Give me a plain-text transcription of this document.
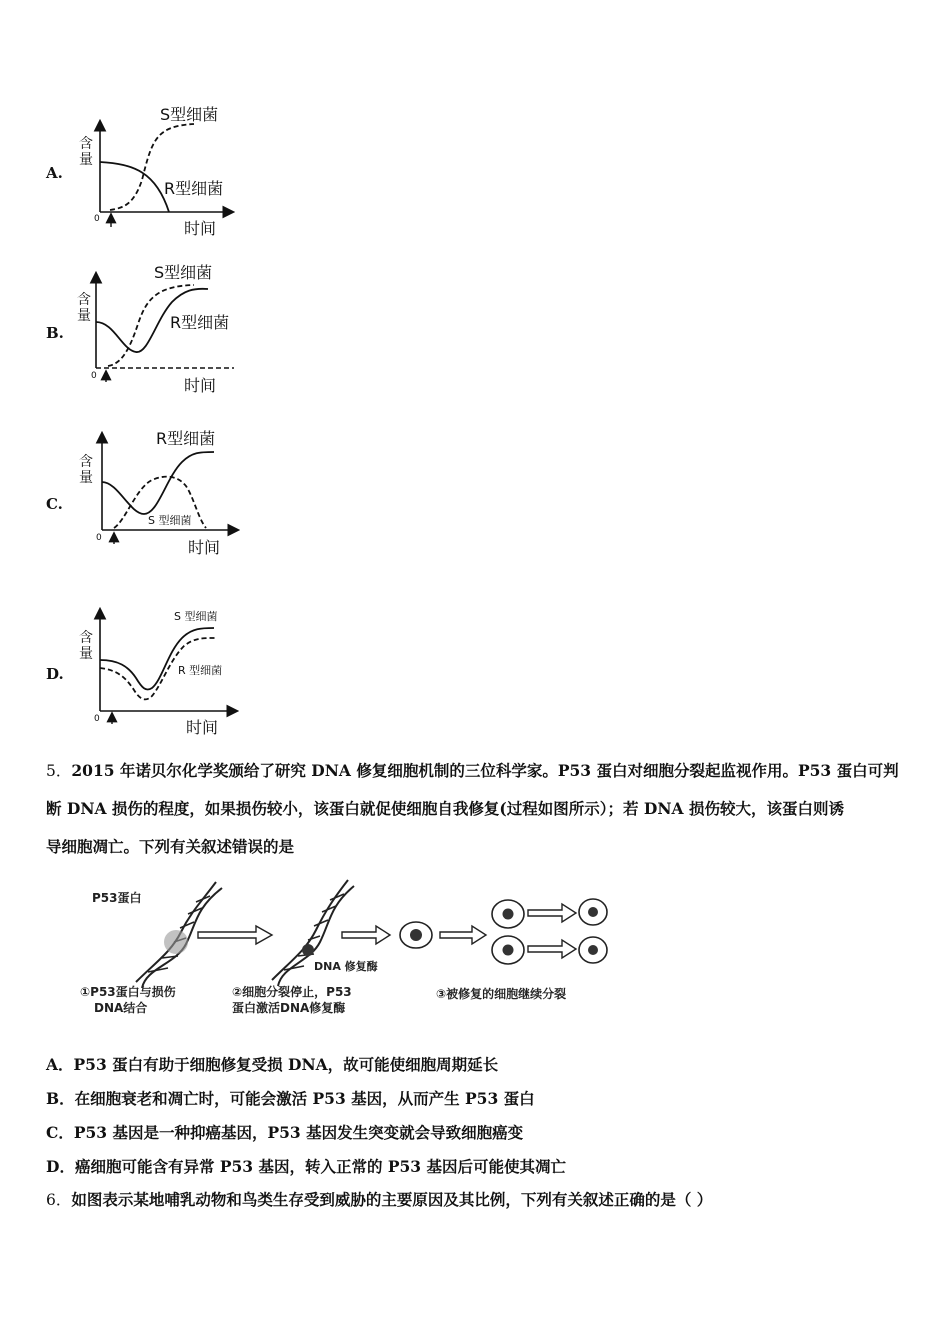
A.
含
量
0	时间
S型细菌
R型细菌
B.
含
量
0	时间
S型细菌
R型细菌
C.
含
量
0	时间
R型细菌
S 型细菌
D.
含
量
0	时间
S 型细菌
R 型细菌
5．2015 年诺贝尔化学奖颁给了研究 DNA 修复细胞机制的三位科学家。P53 蛋白对细胞分裂起监视作用。P53 蛋白可判
断 DNA 损伤的程度，如果损伤较小，该蛋白就促使细胞自我修复(过程如图所示）；若 DNA 损伤较大，该蛋白则诱
导细胞凋亡。下列有关叙述错误的是
P53蛋白
DNA 修复酶
①P53蛋白与损伤
DNA结合
②细胞分裂停止，P53
蛋白激活DNA修复酶
③被修复的细胞继续分裂
A．P53 蛋白有助于细胞修复受损 DNA，故可能使细胞周期延长
B．在细胞衰老和凋亡时，可能会激活 P53 基因，从而产生 P53 蛋白
C．P53 基因是一种抑癌基因，P53 基因发生突变就会导致细胞癌变
D．癌细胞可能含有异常 P53 基因，转入正常的 P53 基因后可能使其凋亡
6．如图表示某地哺乳动物和鸟类生存受到威胁的主要原因及其比例，下列有关叙述正确的是（ ）
